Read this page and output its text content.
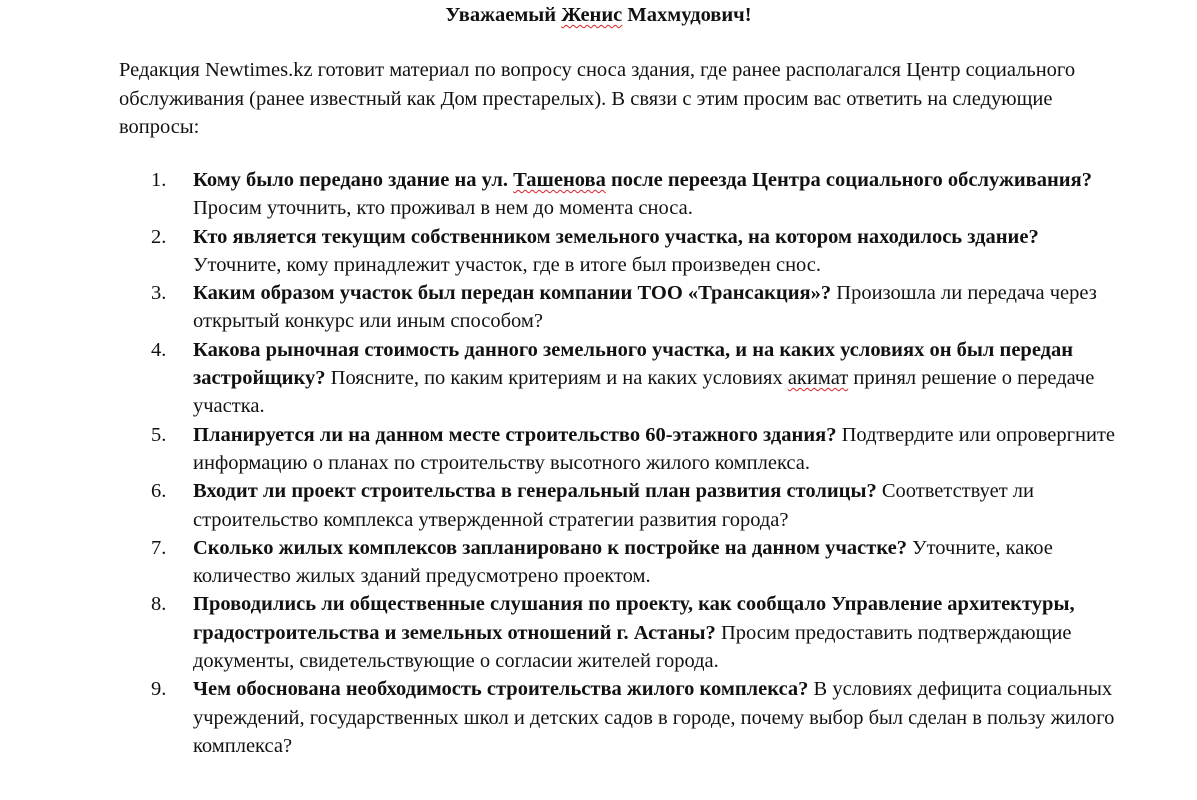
Уважаемый Женис Махмудович!

Редакция Newtimes.kz готовит материал по вопросу сноса здания, где ранее располагался Центр социального обслуживания (ранее известный как Дом престарелых). В связи с этим просим вас ответить на следующие вопросы:

1.	Кому было передано здание на ул. Ташенова после переезда Центра социального обслуживания? Просим уточнить, кто проживал в нем до момента сноса.
2.	Кто является текущим собственником земельного участка, на котором находилось здание? Уточните, кому принадлежит участок, где в итоге был произведен снос.
3.	Каким образом участок был передан компании ТОО «Трансакция»? Произошла ли передача через открытый конкурс или иным способом?
4.	Какова рыночная стоимость данного земельного участка, и на каких условиях он был передан застройщику? Поясните, по каким критериям и на каких условиях акимат принял решение о передаче участка.
5.	Планируется ли на данном месте строительство 60-этажного здания? Подтвердите или опровергните информацию о планах по строительству высотного жилого комплекса.
6.	Входит ли проект строительства в генеральный план развития столицы? Соответствует ли строительство комплекса утвержденной стратегии развития города?
7.	Сколько жилых комплексов запланировано к постройке на данном участке? Уточните, какое количество жилых зданий предусмотрено проектом.
8.	Проводились ли общественные слушания по проекту, как сообщало Управление архитектуры, градостроительства и земельных отношений г. Астаны? Просим предоставить подтверждающие документы, свидетельствующие о согласии жителей города.
9.	Чем обоснована необходимость строительства жилого комплекса? В условиях дефицита социальных учреждений, государственных школ и детских садов в городе, почему выбор был сделан в пользу жилого комплекса?
